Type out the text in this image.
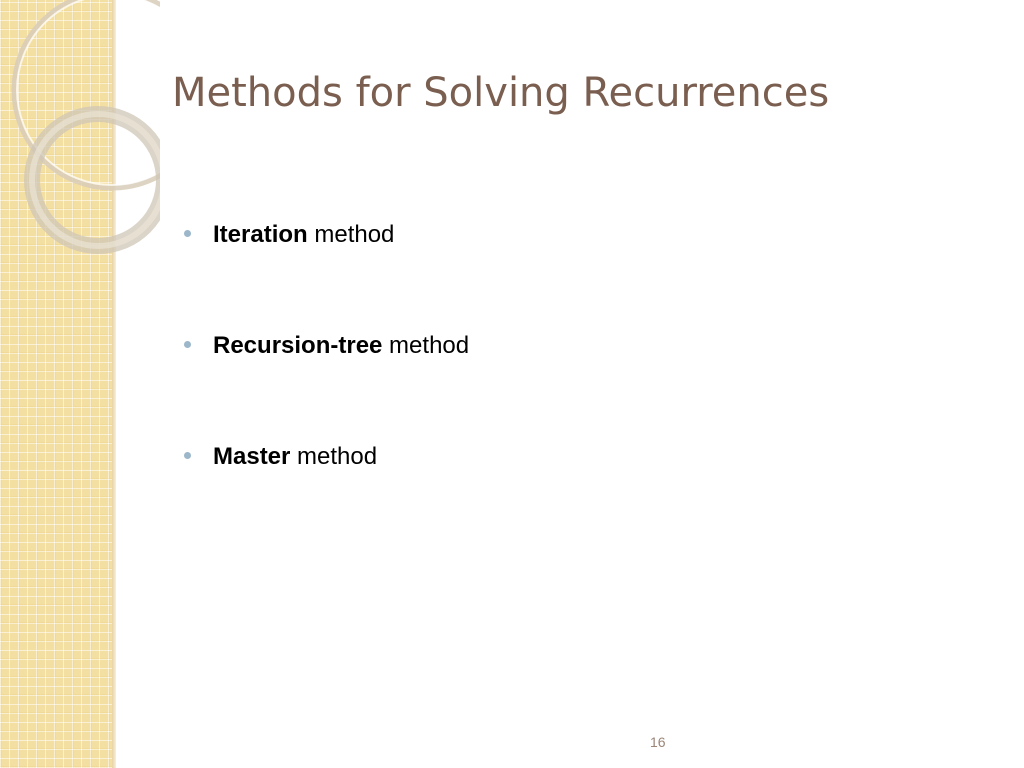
Methods for Solving Recurrences
Iteration method
Recursion-tree method
Master method
16
